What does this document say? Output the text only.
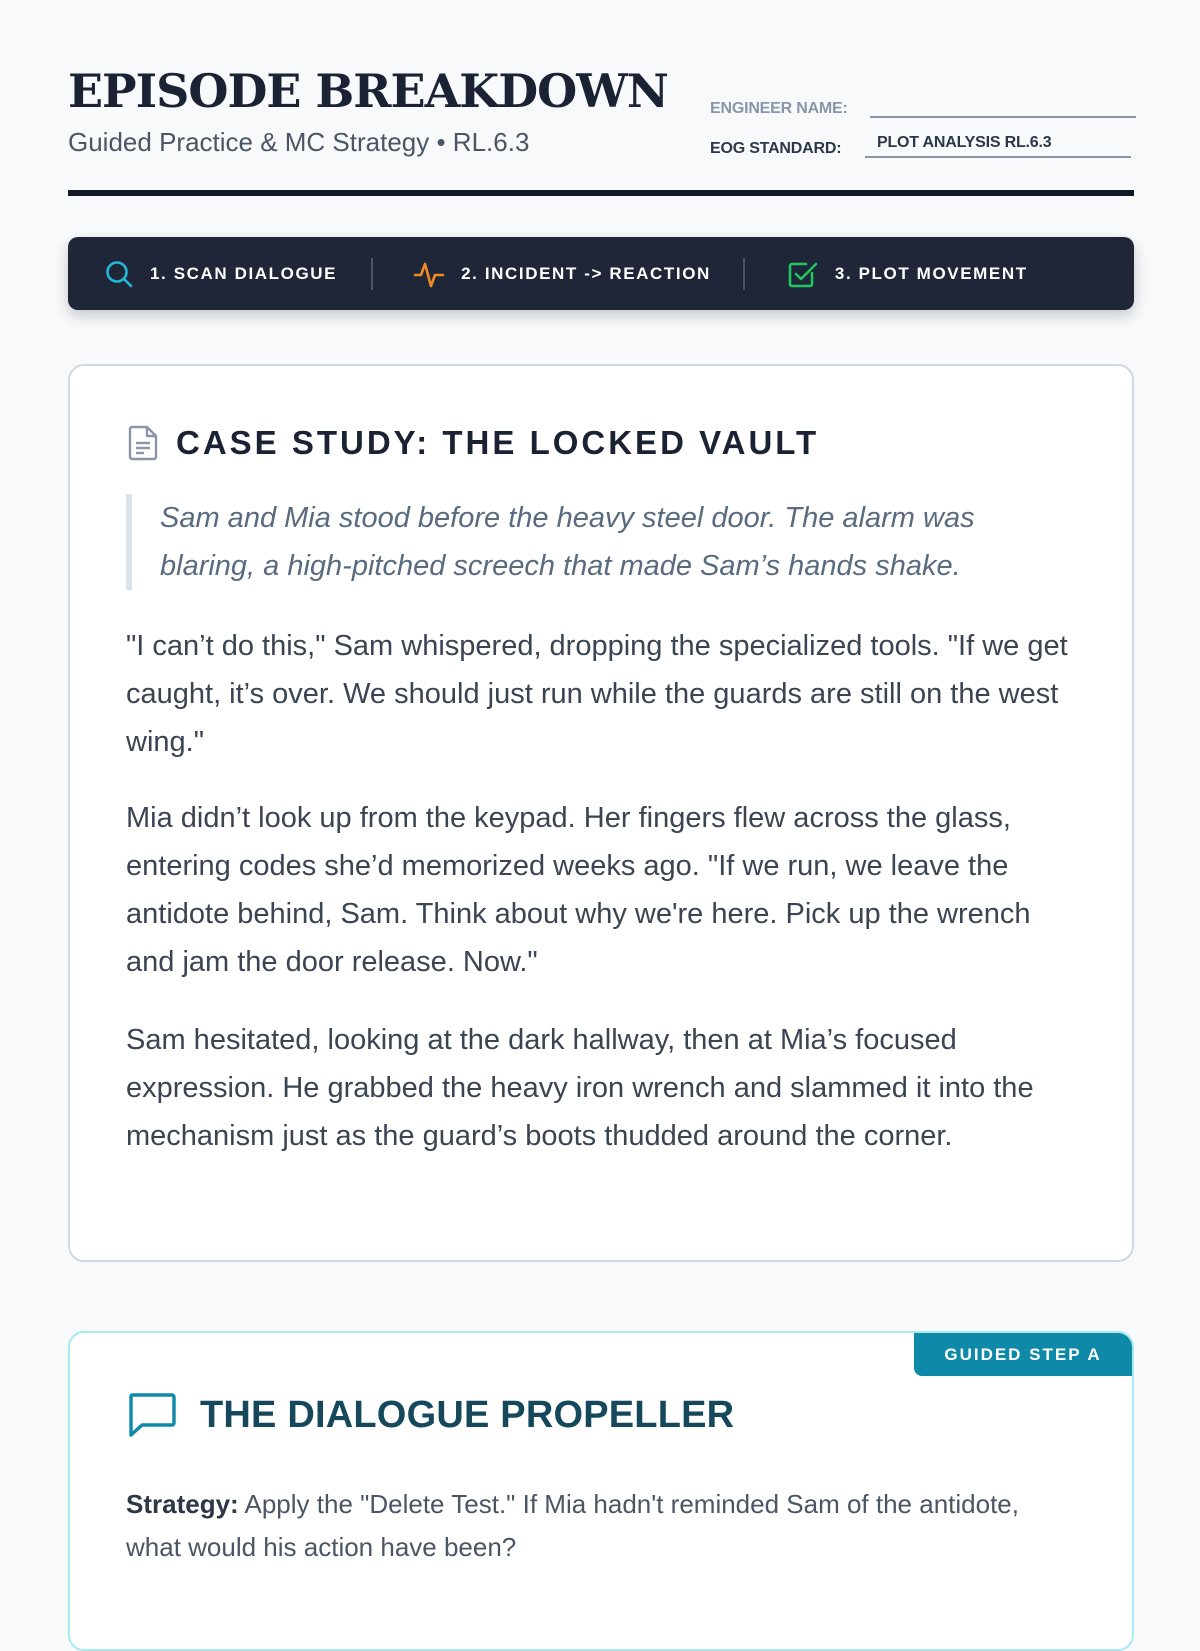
EPISODE BREAKDOWN
Guided Practice & MC Strategy • RL.6.3
ENGINEER NAME:
EOG STANDARD:	PLOT ANALYSIS RL.6.3
1. SCAN DIALOGUE	2. INCIDENT -> REACTION	3. PLOT MOVEMENT
CASE STUDY: THE LOCKED VAULT
Sam and Mia stood before the heavy steel door. The alarm was blaring, a high-pitched screech that made Sam’s hands shake.
"I can’t do this," Sam whispered, dropping the specialized tools. "If we get caught, it’s over. We should just run while the guards are still on the west wing."
Mia didn’t look up from the keypad. Her fingers flew across the glass, entering codes she’d memorized weeks ago. "If we run, we leave the antidote behind, Sam. Think about why we're here. Pick up the wrench and jam the door release. Now."
Sam hesitated, looking at the dark hallway, then at Mia’s focused expression. He grabbed the heavy iron wrench and slammed it into the mechanism just as the guard’s boots thudded around the corner.
GUIDED STEP A
THE DIALOGUE PROPELLER
Strategy: Apply the "Delete Test." If Mia hadn't reminded Sam of the antidote, what would his action have been?
